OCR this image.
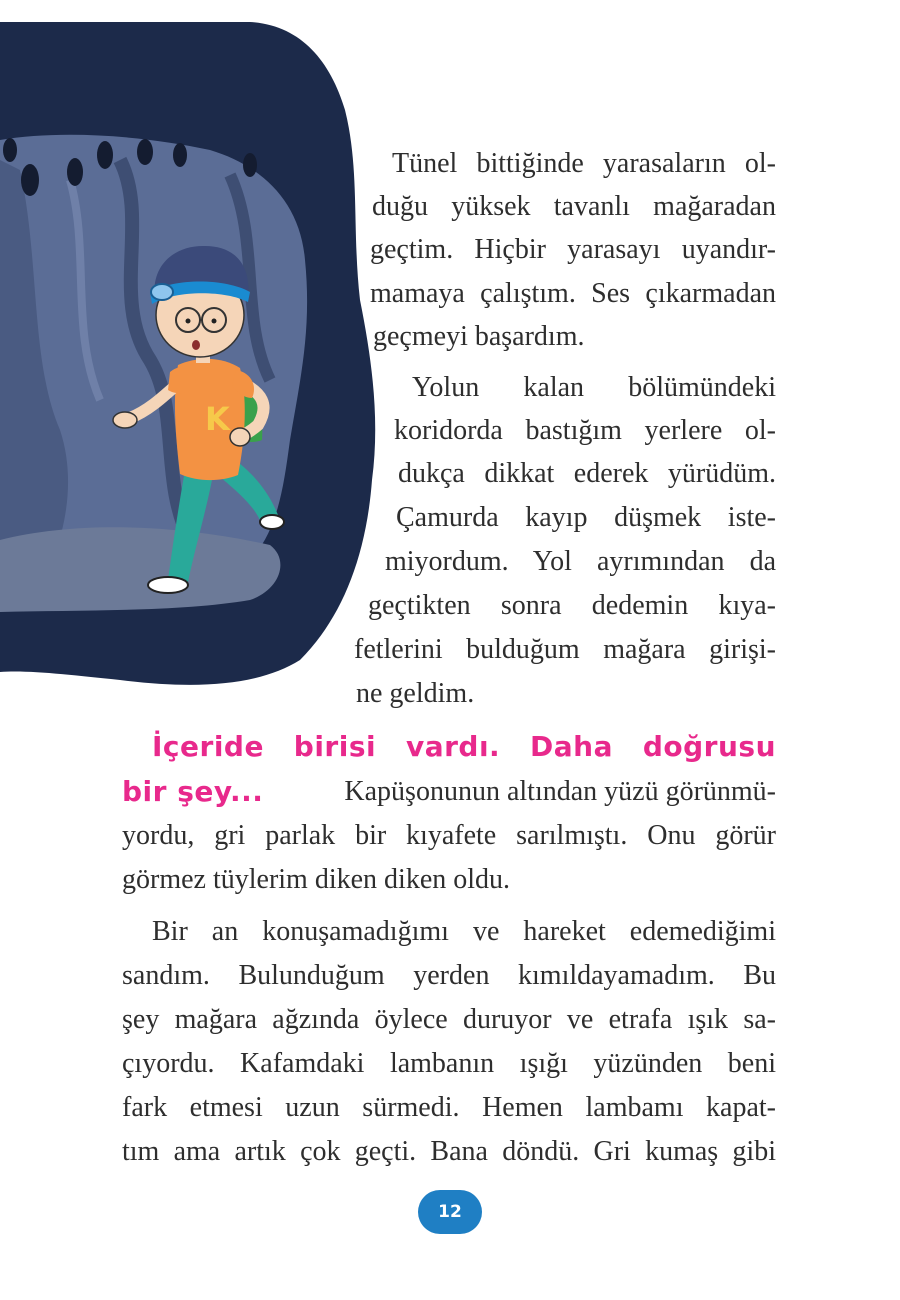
K
Tünel bittiğinde yarasaların ol-
duğu yüksek tavanlı mağaradan
geçtim. Hiçbir yarasayı uyandır-
mamaya çalıştım. Ses çıkarmadan
geçmeyi başardım.
Yolun kalan bölümündeki
koridorda bastığım yerlere ol-
dukça dikkat ederek yürüdüm.
Çamurda kayıp düşmek iste-
miyordum. Yol ayrımından da
geçtikten sonra dedemin kıya-
fetlerini bulduğum mağara girişi-
ne geldim.
İçeride birisi vardı. Daha doğrusu
bir şey...	Kapüşonunun altından yüzü görünmü-
yordu, gri parlak bir kıyafete sarılmıştı. Onu görür
görmez tüylerim diken diken oldu.
Bir an konuşamadığımı ve hareket edemediğimi
sandım. Bulunduğum yerden kımıldayamadım. Bu
şey mağara ağzında öylece duruyor ve etrafa ışık sa-
çıyordu. Kafamdaki lambanın ışığı yüzünden beni
fark etmesi uzun sürmedi. Hemen lambamı kapat-
tım ama artık çok geçti. Bana döndü. Gri kumaş gibi
12
